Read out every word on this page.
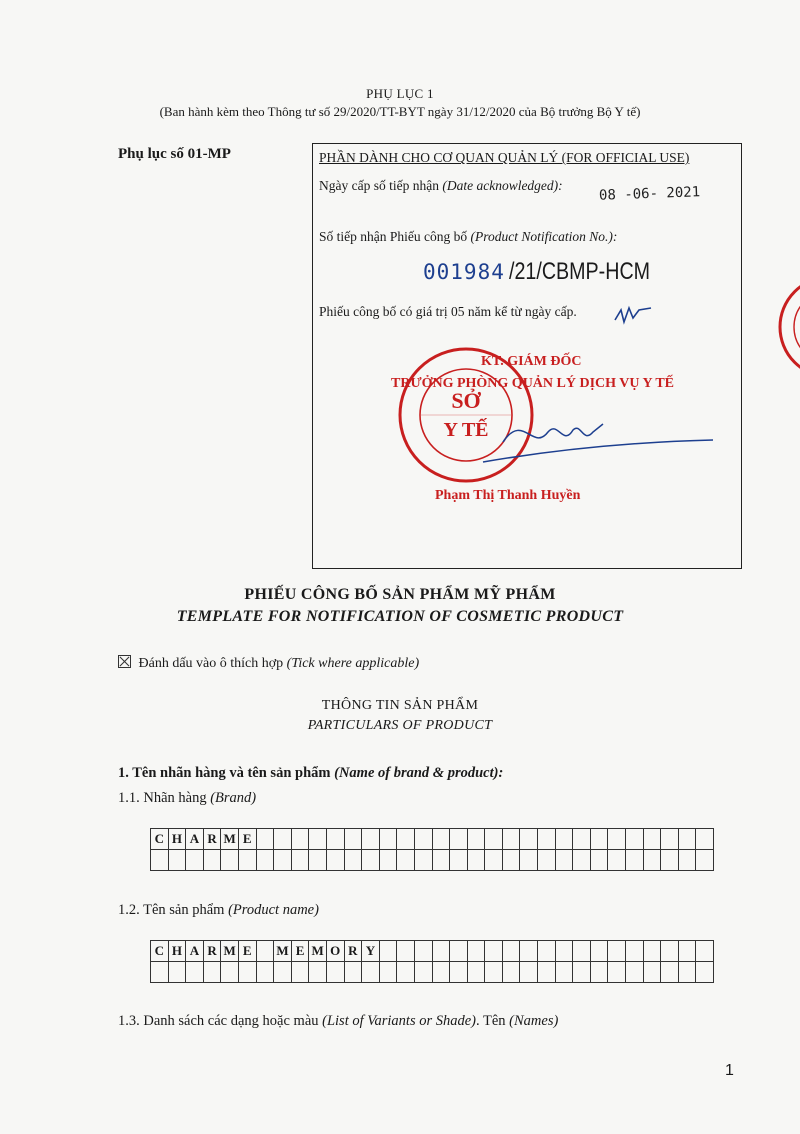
PHỤ LỤC 1
(Ban hành kèm theo Thông tư số 29/2020/TT-BYT ngày 31/12/2020 của Bộ trưởng Bộ Y tế)
Phụ lục số 01-MP	PHẦN DÀNH CHO CƠ QUAN QUẢN LÝ (FOR OFFICIAL USE)
Ngày cấp số tiếp nhận (Date acknowledged):	08 -06- 2021
Số tiếp nhận Phiếu công bố (Product Notification No.):
001984 /21/CBMP-HCM
Phiếu công bố có giá trị 05 năm kể từ ngày cấp.
SỞ
Y TẾ
KT. GIÁM ĐỐC
TRƯỞNG PHÒNG QUẢN LÝ DỊCH VỤ Y TẾ
Phạm Thị Thanh Huyền
PHIẾU CÔNG BỐ SẢN PHẨM MỸ PHẨM
TEMPLATE FOR NOTIFICATION OF COSMETIC PRODUCT
Đánh dấu vào ô thích hợp (Tick where applicable)
THÔNG TIN SẢN PHẨM
PARTICULARS OF PRODUCT
1. Tên nhãn hàng và tên sản phẩm (Name of brand & product):
1.1. Nhãn hàng (Brand)
C	H	A	R	M	E																										

1.2. Tên sản phẩm (Product name)
C	H	A	R	M	E		M	E	M	O	R	Y																			

1.3. Danh sách các dạng hoặc màu (List of Variants or Shade). Tên (Names)
1
